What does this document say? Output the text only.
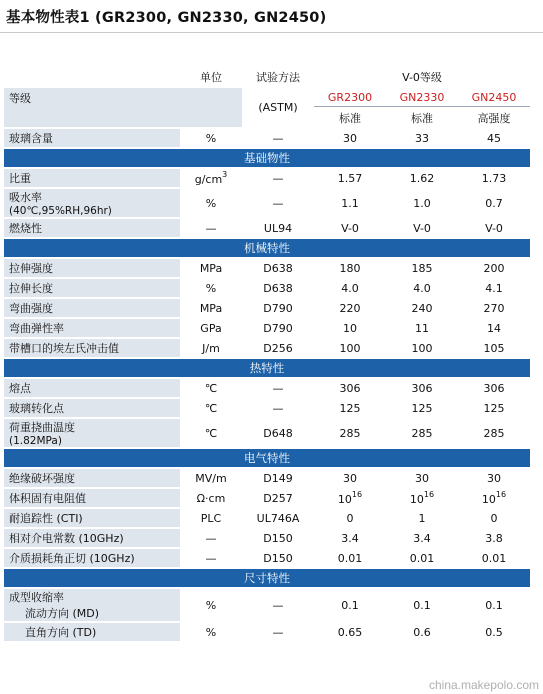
基本物性表1 (GR2300, GN2330, GN2450)
	单位	试验方法	V-0等级		
等级		(ASTM)	GR2300	GN2330	GN2450
			标准	标准	高强度
玻璃含量	%	—	30	33	45
基础物性					
比重	$g/cm^3$	—	1.57	1.62	1.73

吸水率
(40℃,95%RH,96hr)	%	—	1.1	1.0	0.7
燃烧性	—	UL94	V-0	V-0	V-0
机械特性					
拉伸强度	MPa	D638	180	185	200
拉伸长度	%	D638	4.0	4.0	4.1
弯曲强度	MPa	D790	220	240	270
弯曲弹性率	GPa	D790	10	11	14
带槽口的埃左氏冲击值	J/m	D256	100	100	105
热特性					
熔点	℃	—	306	306	306
玻璃转化点	℃	—	125	125	125

荷重挠曲温度
(1.82MPa)	℃	D648	285	285	285
电气特性					
绝缘破坏强度	MV/m	D149	30	30	30
体积固有电阻值	Ω·cm	D257	$10^{16}$	$10^{16}$	$10^{16}$
耐追踪性 (CTI)	PLC	UL746A	0	1	0
相对介电常数 (10GHz)	—	D150	3.4	3.4	3.8
介质损耗角正切 (10GHz)	—	D150	0.01	0.01	0.01
尺寸特性					

成型收缩率
流动方向 (MD)	%	—	0.1	0.1	0.1

直角方向 (TD)	%	—	0.65	0.6	0.5
china.makepolo.com
